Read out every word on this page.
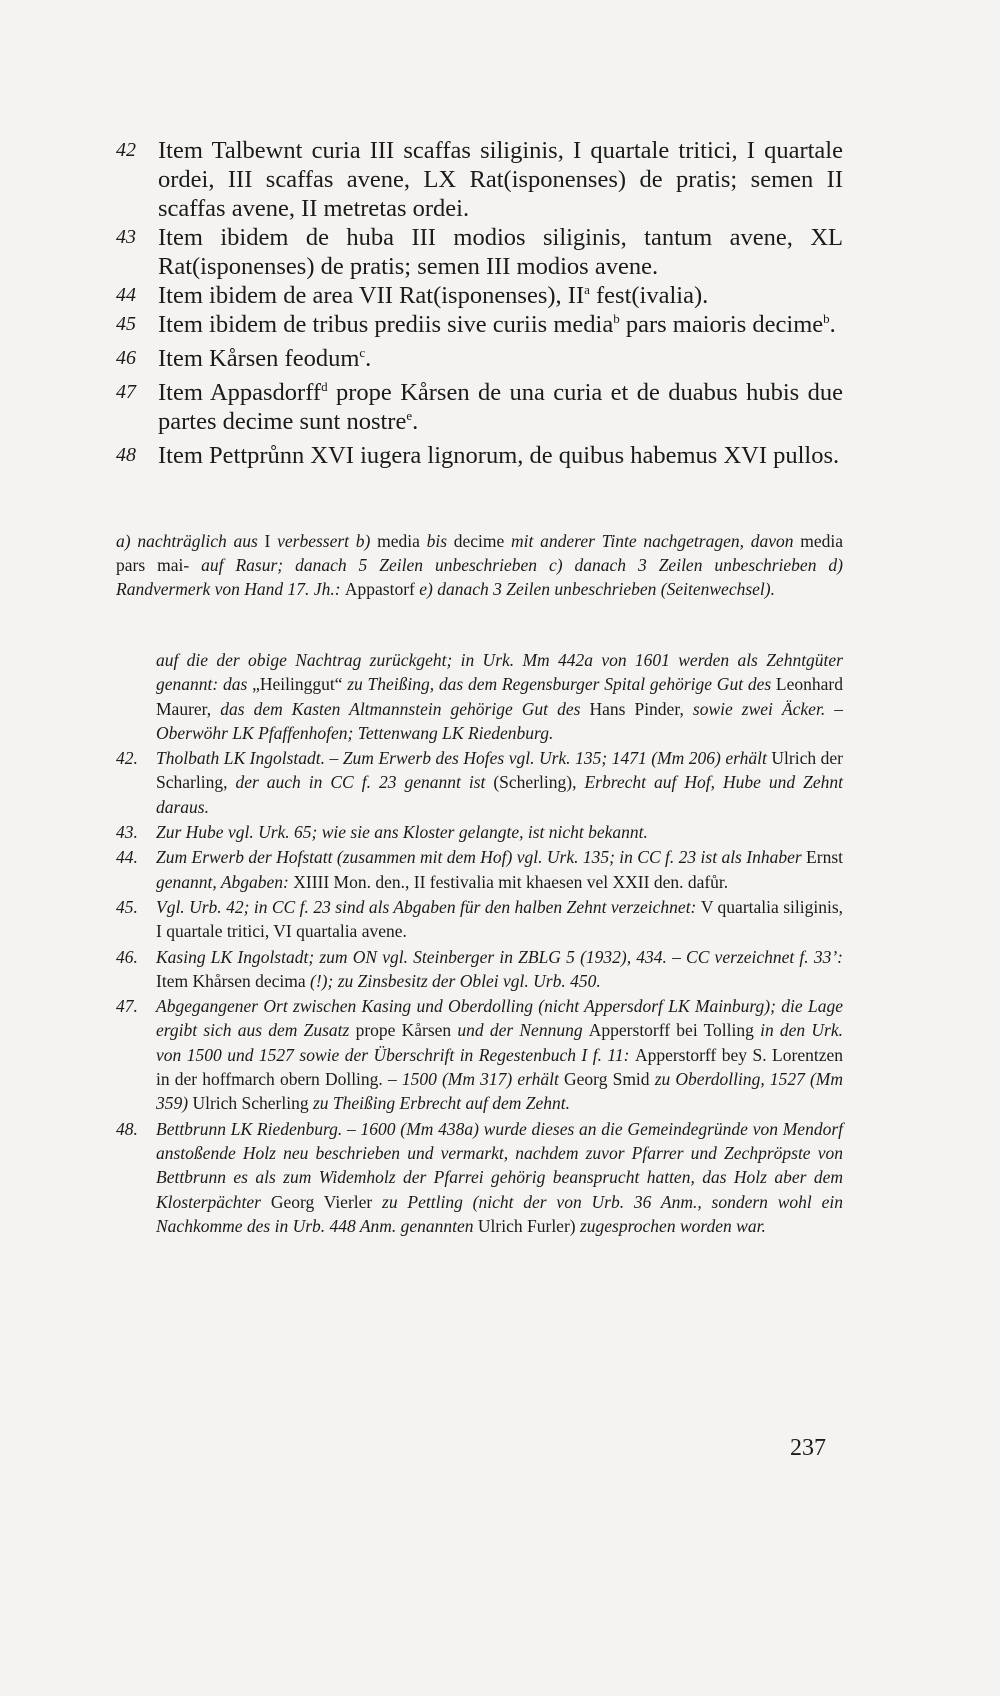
42 Item Talbewnt curia III scaffas siliginis, I quartale tritici, I quartale ordei, III scaffas avene, LX Rat(isponenses) de pratis; semen II scaffas avene, II metretas ordei.
43 Item ibidem de huba III modios siliginis, tantum avene, XL Rat(isponenses) de pratis; semen III modios avene.
44 Item ibidem de area VII Rat(isponenses), $II^a$ fest(ivalia).
45 Item ibidem de tribus prediis sive curiis media$^b$ pars maioris decime$^b$.
46 Item Kårsen feodum$^c$.
47 Item Appasdorff$^d$ prope Kårsen de una curia et de duabus hubis due partes decime sunt nostre$^e$.
48 Item Pettprůnn XVI iugera lignorum, de quibus habemus XVI pullos.
a) nachträglich aus I verbessert b) media bis decime mit anderer Tinte nachgetragen, davon media pars mai- auf Rasur; danach 5 Zeilen unbeschrieben c) danach 3 Zeilen unbeschrieben d) Randvermerk von Hand 17. Jh.: Appastorf e) danach 3 Zeilen unbeschrieben (Seitenwechsel).
auf die der obige Nachtrag zurückgeht; in Urk. Mm 442a von 1601 werden als Zehntgüter genannt: das „Heilinggut“ zu Theißing, das dem Regensburger Spital gehörige Gut des Leonhard Maurer, das dem Kasten Altmannstein gehörige Gut des Hans Pinder, sowie zwei Äcker. – Oberwöhr LK Pfaffenhofen; Tettenwang LK Riedenburg.
42. Tholbath LK Ingolstadt. – Zum Erwerb des Hofes vgl. Urk. 135; 1471 (Mm 206) erhält Ulrich der Scharling, der auch in CC f. 23 genannt ist (Scherling), Erbrecht auf Hof, Hube und Zehnt daraus.
43. Zur Hube vgl. Urk. 65; wie sie ans Kloster gelangte, ist nicht bekannt.
44. Zum Erwerb der Hofstatt (zusammen mit dem Hof) vgl. Urk. 135; in CC f. 23 ist als Inhaber Ernst genannt, Abgaben: XIIII Mon. den., II festivalia mit khaesen vel XXII den. dafůr.
45. Vgl. Urb. 42; in CC f. 23 sind als Abgaben für den halben Zehnt verzeichnet: V quartalia siliginis, I quartale tritici, VI quartalia avene.
46. Kasing LK Ingolstadt; zum ON vgl. Steinberger in ZBLG 5 (1932), 434. – CC verzeichnet f. 33’: Item Khårsen decima (!); zu Zinsbesitz der Oblei vgl. Urb. 450.
47. Abgegangener Ort zwischen Kasing und Oberdolling (nicht Appersdorf LK Mainburg); die Lage ergibt sich aus dem Zusatz prope Kårsen und der Nennung Apperstorff bei Tolling in den Urk. von 1500 und 1527 sowie der Überschrift in Regestenbuch I f. 11: Apperstorff bey S. Lorentzen in der hoffmarch obern Dolling. – 1500 (Mm 317) erhält Georg Smid zu Oberdolling, 1527 (Mm 359) Ulrich Scherling zu Theißing Erbrecht auf dem Zehnt.
48. Bettbrunn LK Riedenburg. – 1600 (Mm 438a) wurde dieses an die Gemeindegründe von Mendorf anstoßende Holz neu beschrieben und vermarkt, nachdem zuvor Pfarrer und Zechpröpste von Bettbrunn es als zum Widemholz der Pfarrei gehörig beansprucht hatten, das Holz aber dem Klosterpächter Georg Vierler zu Pettling (nicht der von Urb. 36 Anm., sondern wohl ein Nachkomme des in Urb. 448 Anm. genannten Ulrich Furler) zugesprochen worden war.
237
